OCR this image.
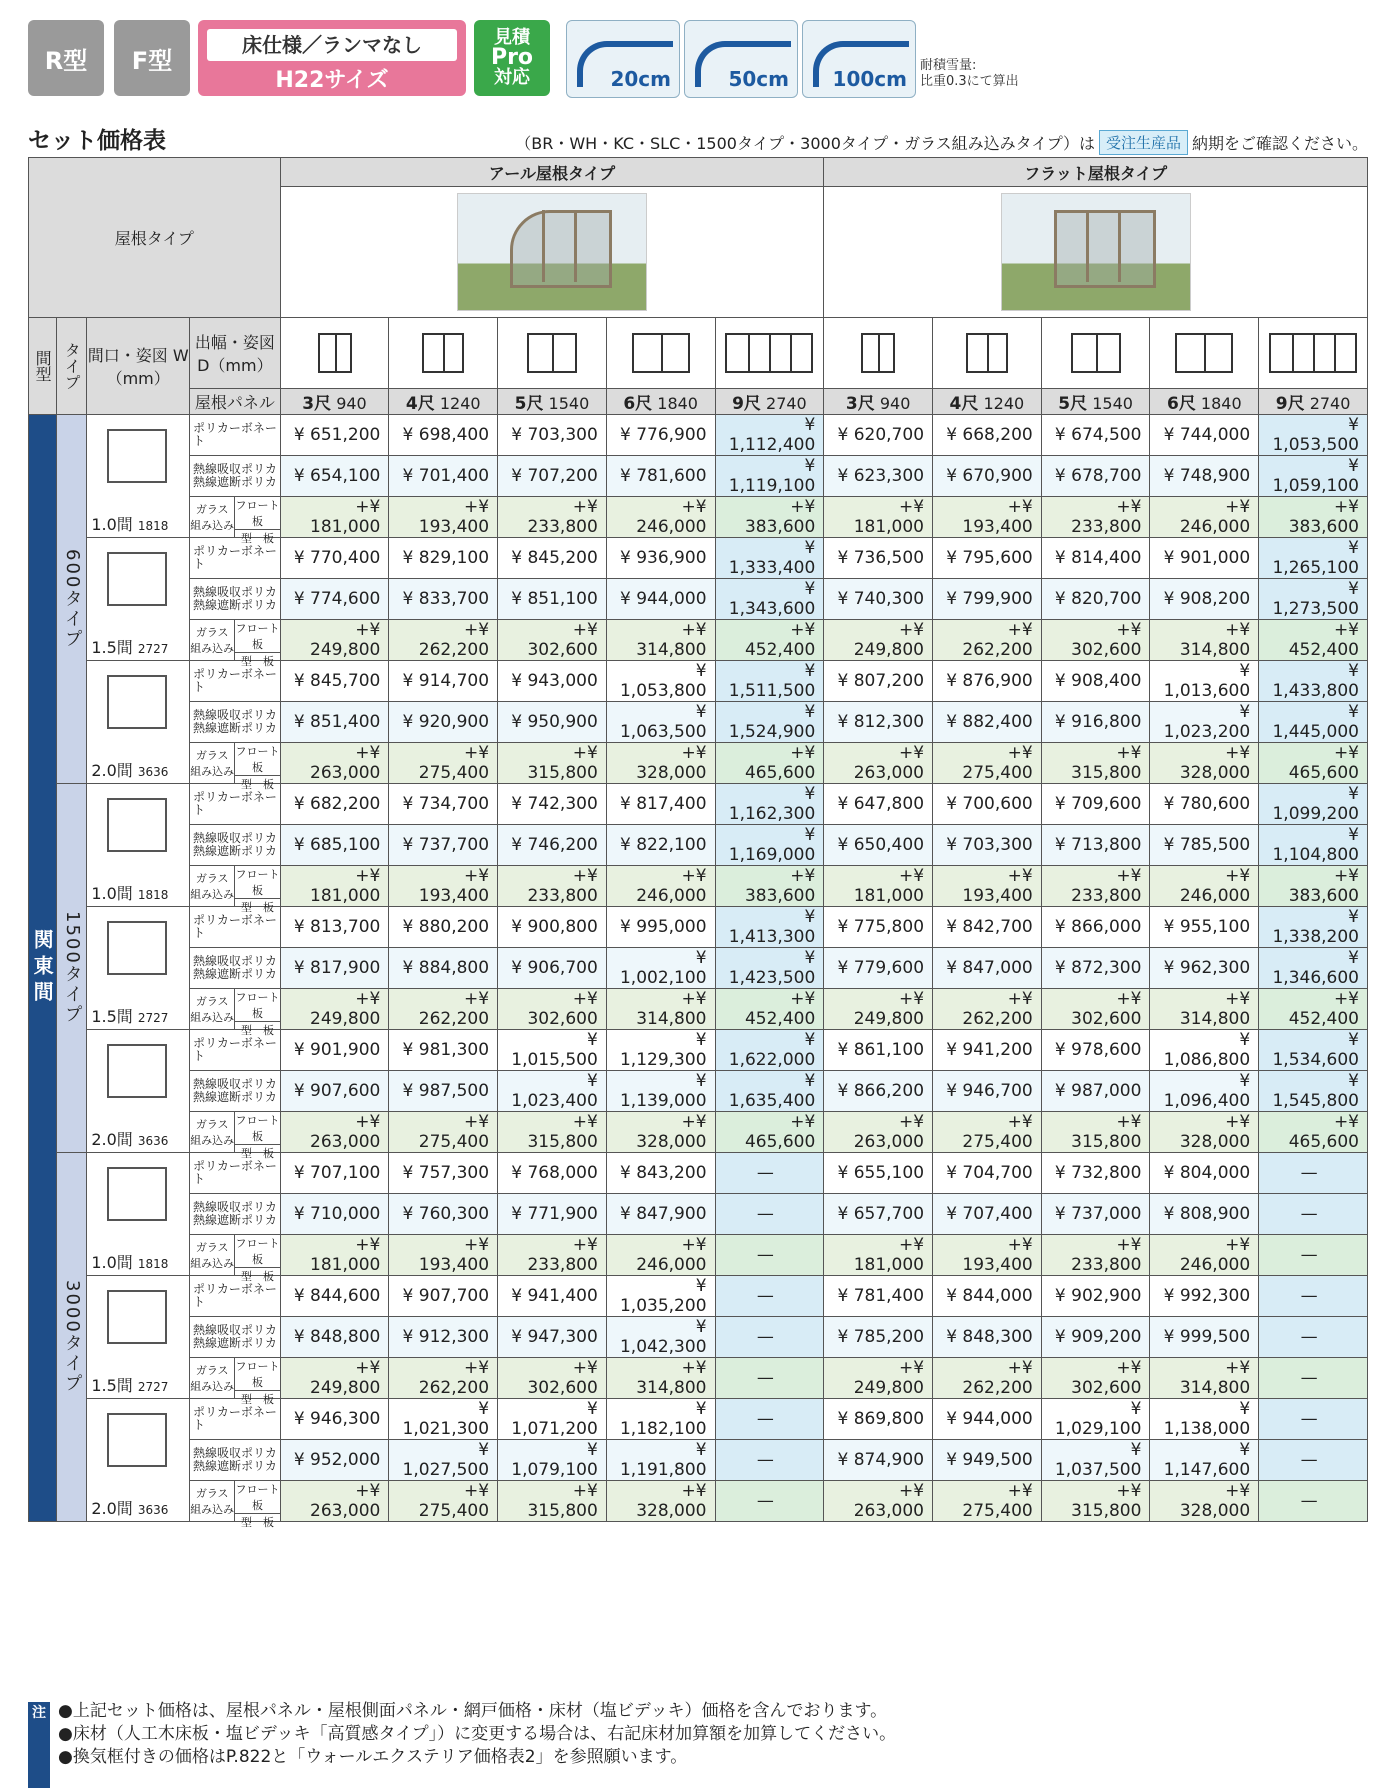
R型	F型
床仕様／ランマなし
H22サイズ
見積
Pro
対応	20cm	50cm 100cm
耐積雪量:
比重0.3にて算出
セット価格表	（BR・WH・KC・SLC・1500タイプ・3000タイプ・ガラス組み込みタイプ）は 受注生産品 納期をご確認ください。
屋根タイプ				アール屋根タイプ					フラット屋根タイプ				

間型	タイプ	間口・姿図 W（mm）	出幅・姿図 D（mm）	

			屋根パネル	3尺 940	4尺 1240	5尺 1540	6尺 1840	9尺 2740	3尺 940	4尺 1240	5尺 1540	6尺 1840	9尺 2740
関東間	600タイプ	1.0間 1818	ポリカーボネート	¥ 651,200	¥ 698,400	¥ 703,300	¥ 776,900	¥ 1,112,400	¥ 620,700	¥ 668,200	¥ 674,500	¥ 744,000	¥ 1,053,500

			熱線吸収ポリカ
熱線遮断ポリカ	¥ 654,100	¥ 701,400	¥ 707,200	¥ 781,600	¥ 1,119,100	¥ 623,300	¥ 670,900	¥ 678,700	¥ 748,900	¥ 1,059,100

			ガラス
組み込み
フロート板
型　板	+¥ 181,000	+¥ 193,400	+¥ 233,800	+¥ 246,000	+¥ 383,600	+¥ 181,000	+¥ 193,400	+¥ 233,800	+¥ 246,000	+¥ 383,600

		1.5間 2727	ポリカーボネート	¥ 770,400	¥ 829,100	¥ 845,200	¥ 936,900	¥ 1,333,400	¥ 736,500	¥ 795,600	¥ 814,400	¥ 901,000	¥ 1,265,100

			熱線吸収ポリカ
熱線遮断ポリカ	¥ 774,600	¥ 833,700	¥ 851,100	¥ 944,000	¥ 1,343,600	¥ 740,300	¥ 799,900	¥ 820,700	¥ 908,200	¥ 1,273,500

			ガラス
組み込み
フロート板
型　板	+¥ 249,800	+¥ 262,200	+¥ 302,600	+¥ 314,800	+¥ 452,400	+¥ 249,800	+¥ 262,200	+¥ 302,600	+¥ 314,800	+¥ 452,400

		2.0間 3636	ポリカーボネート	¥ 845,700	¥ 914,700	¥ 943,000	¥ 1,053,800	¥ 1,511,500	¥ 807,200	¥ 876,900	¥ 908,400	¥ 1,013,600	¥ 1,433,800

			熱線吸収ポリカ
熱線遮断ポリカ	¥ 851,400	¥ 920,900	¥ 950,900	¥ 1,063,500	¥ 1,524,900	¥ 812,300	¥ 882,400	¥ 916,800	¥ 1,023,200	¥ 1,445,000

			ガラス
組み込み
フロート板
型　板	+¥ 263,000	+¥ 275,400	+¥ 315,800	+¥ 328,000	+¥ 465,600	+¥ 263,000	+¥ 275,400	+¥ 315,800	+¥ 328,000	+¥ 465,600
	1500タイプ	1.0間 1818	ポリカーボネート	¥ 682,200	¥ 734,700	¥ 742,300	¥ 817,400	¥ 1,162,300	¥ 647,800	¥ 700,600	¥ 709,600	¥ 780,600	¥ 1,099,200

			熱線吸収ポリカ
熱線遮断ポリカ	¥ 685,100	¥ 737,700	¥ 746,200	¥ 822,100	¥ 1,169,000	¥ 650,400	¥ 703,300	¥ 713,800	¥ 785,500	¥ 1,104,800

			ガラス
組み込み
フロート板
型　板	+¥ 181,000	+¥ 193,400	+¥ 233,800	+¥ 246,000	+¥ 383,600	+¥ 181,000	+¥ 193,400	+¥ 233,800	+¥ 246,000	+¥ 383,600

		1.5間 2727	ポリカーボネート	¥ 813,700	¥ 880,200	¥ 900,800	¥ 995,000	¥ 1,413,300	¥ 775,800	¥ 842,700	¥ 866,000	¥ 955,100	¥ 1,338,200

			熱線吸収ポリカ
熱線遮断ポリカ	¥ 817,900	¥ 884,800	¥ 906,700	¥ 1,002,100	¥ 1,423,500	¥ 779,600	¥ 847,000	¥ 872,300	¥ 962,300	¥ 1,346,600

			ガラス
組み込み
フロート板
型　板	+¥ 249,800	+¥ 262,200	+¥ 302,600	+¥ 314,800	+¥ 452,400	+¥ 249,800	+¥ 262,200	+¥ 302,600	+¥ 314,800	+¥ 452,400

		2.0間 3636	ポリカーボネート	¥ 901,900	¥ 981,300	¥ 1,015,500	¥ 1,129,300	¥ 1,622,000	¥ 861,100	¥ 941,200	¥ 978,600	¥ 1,086,800	¥ 1,534,600

			熱線吸収ポリカ
熱線遮断ポリカ	¥ 907,600	¥ 987,500	¥ 1,023,400	¥ 1,139,000	¥ 1,635,400	¥ 866,200	¥ 946,700	¥ 987,000	¥ 1,096,400	¥ 1,545,800

			ガラス
組み込み
フロート板
型　板	+¥ 263,000	+¥ 275,400	+¥ 315,800	+¥ 328,000	+¥ 465,600	+¥ 263,000	+¥ 275,400	+¥ 315,800	+¥ 328,000	+¥ 465,600
	3000タイプ	1.0間 1818	ポリカーボネート	¥ 707,100	¥ 757,300	¥ 768,000	¥ 843,200	—	¥ 655,100	¥ 704,700	¥ 732,800	¥ 804,000	—

			熱線吸収ポリカ
熱線遮断ポリカ	¥ 710,000	¥ 760,300	¥ 771,900	¥ 847,900	—	¥ 657,700	¥ 707,400	¥ 737,000	¥ 808,900	—

			ガラス
組み込み
フロート板
型　板	+¥ 181,000	+¥ 193,400	+¥ 233,800	+¥ 246,000	—	+¥ 181,000	+¥ 193,400	+¥ 233,800	+¥ 246,000	—

		1.5間 2727	ポリカーボネート	¥ 844,600	¥ 907,700	¥ 941,400	¥ 1,035,200	—	¥ 781,400	¥ 844,000	¥ 902,900	¥ 992,300	—

			熱線吸収ポリカ
熱線遮断ポリカ	¥ 848,800	¥ 912,300	¥ 947,300	¥ 1,042,300	—	¥ 785,200	¥ 848,300	¥ 909,200	¥ 999,500	—

			ガラス
組み込み
フロート板
型　板	+¥ 249,800	+¥ 262,200	+¥ 302,600	+¥ 314,800	—	+¥ 249,800	+¥ 262,200	+¥ 302,600	+¥ 314,800	—

		2.0間 3636	ポリカーボネート	¥ 946,300	¥ 1,021,300	¥ 1,071,200	¥ 1,182,100	—	¥ 869,800	¥ 944,000	¥ 1,029,100	¥ 1,138,000	—

			熱線吸収ポリカ
熱線遮断ポリカ	¥ 952,000	¥ 1,027,500	¥ 1,079,100	¥ 1,191,800	—	¥ 874,900	¥ 949,500	¥ 1,037,500	¥ 1,147,600	—

			ガラス
組み込み
フロート板
型　板	+¥ 263,000	+¥ 275,400	+¥ 315,800	+¥ 328,000	—	+¥ 263,000	+¥ 275,400	+¥ 315,800	+¥ 328,000	—
注 ●上記セット価格は、屋根パネル・屋根側面パネル・網戸価格・床材（塩ビデッキ）価格を含んでおります。
●床材（人工木床板・塩ビデッキ「高質感タイプ」）に変更する場合は、右記床材加算額を加算してください。
●換気框付きの価格はP.822と「ウォールエクステリア価格表2」を参照願います。
